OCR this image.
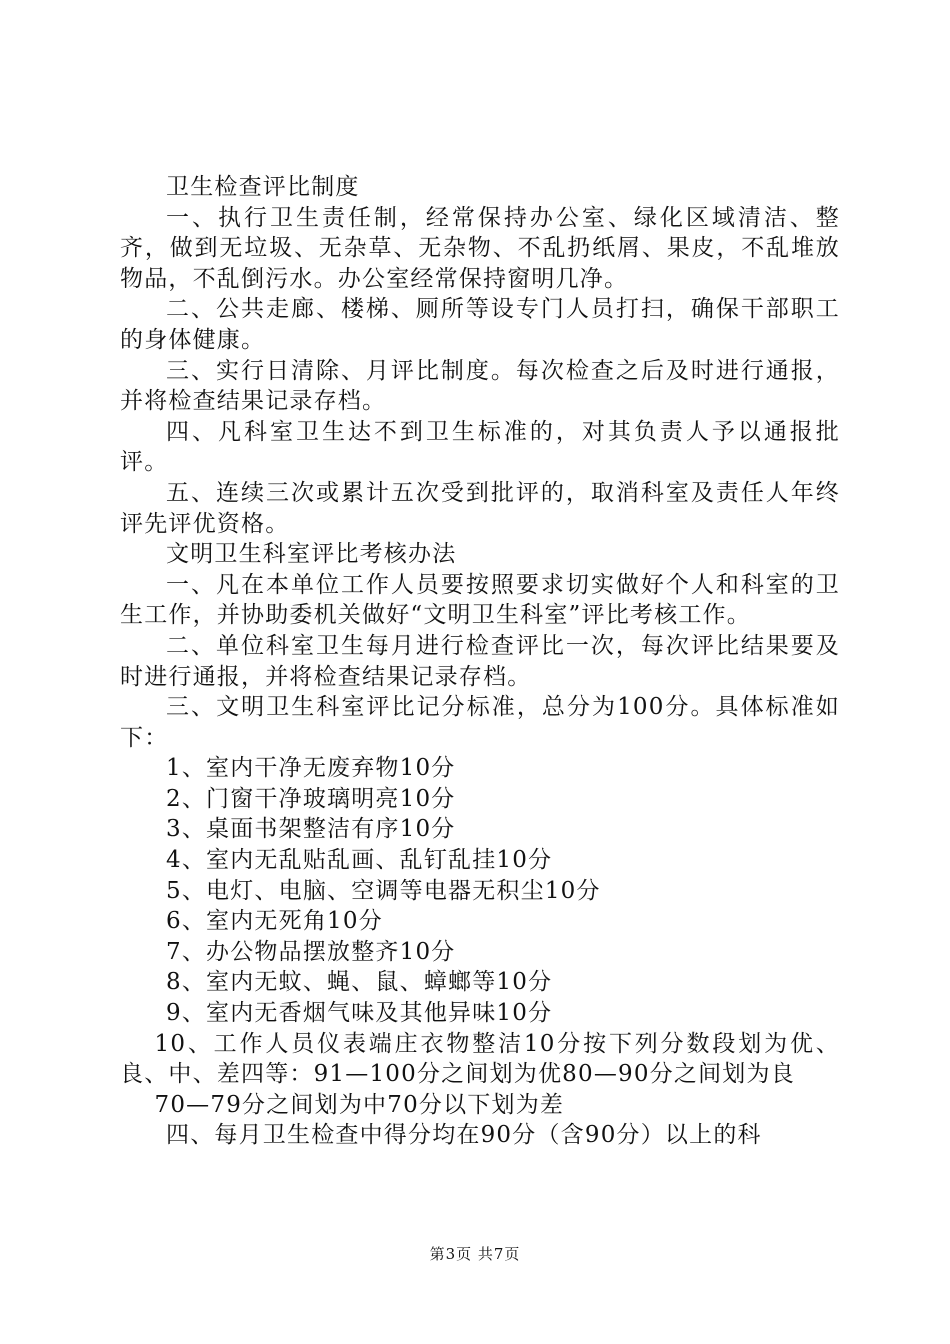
卫生检查评比制度

一、执行卫生责任制，经常保持办公室、绿化区域清洁、整齐，做到无垃圾、无杂草、无杂物、不乱扔纸屑、果皮，不乱堆放物品，不乱倒污水。办公室经常保持窗明几净。

二、公共走廊、楼梯、厕所等设专门人员打扫，确保干部职工的身体健康。

三、实行日清除、月评比制度。每次检查之后及时进行通报，并将检查结果记录存档。

四、凡科室卫生达不到卫生标准的，对其负责人予以通报批评。

五、连续三次或累计五次受到批评的，取消科室及责任人年终评先评优资格。

文明卫生科室评比考核办法

一、凡在本单位工作人员要按照要求切实做好个人和科室的卫生工作，并协助委机关做好“文明卫生科室”评比考核工作。

二、单位科室卫生每月进行检查评比一次，每次评比结果要及时进行通报，并将检查结果记录存档。

三、文明卫生科室评比记分标准，总分为100分。具体标准如下：

1、室内干净无废弃物10分

2、门窗干净玻璃明亮10分

3、桌面书架整洁有序10分

4、室内无乱贴乱画、乱钉乱挂10分

5、电灯、电脑、空调等电器无积尘10分

6、室内无死角10分

7、办公物品摆放整齐10分

8、室内无蚊、蝇、鼠、蟑螂等10分

9、室内无香烟气味及其他异味10分

10、工作人员仪表端庄衣物整洁10分按下列分数段划为优、良、中、差四等：91—100分之间划为优80—90分之间划为良

70—79分之间划为中70分以下划为差

四、每月卫生检查中得分均在90分（含90分）以上的科

第3页 共7页
